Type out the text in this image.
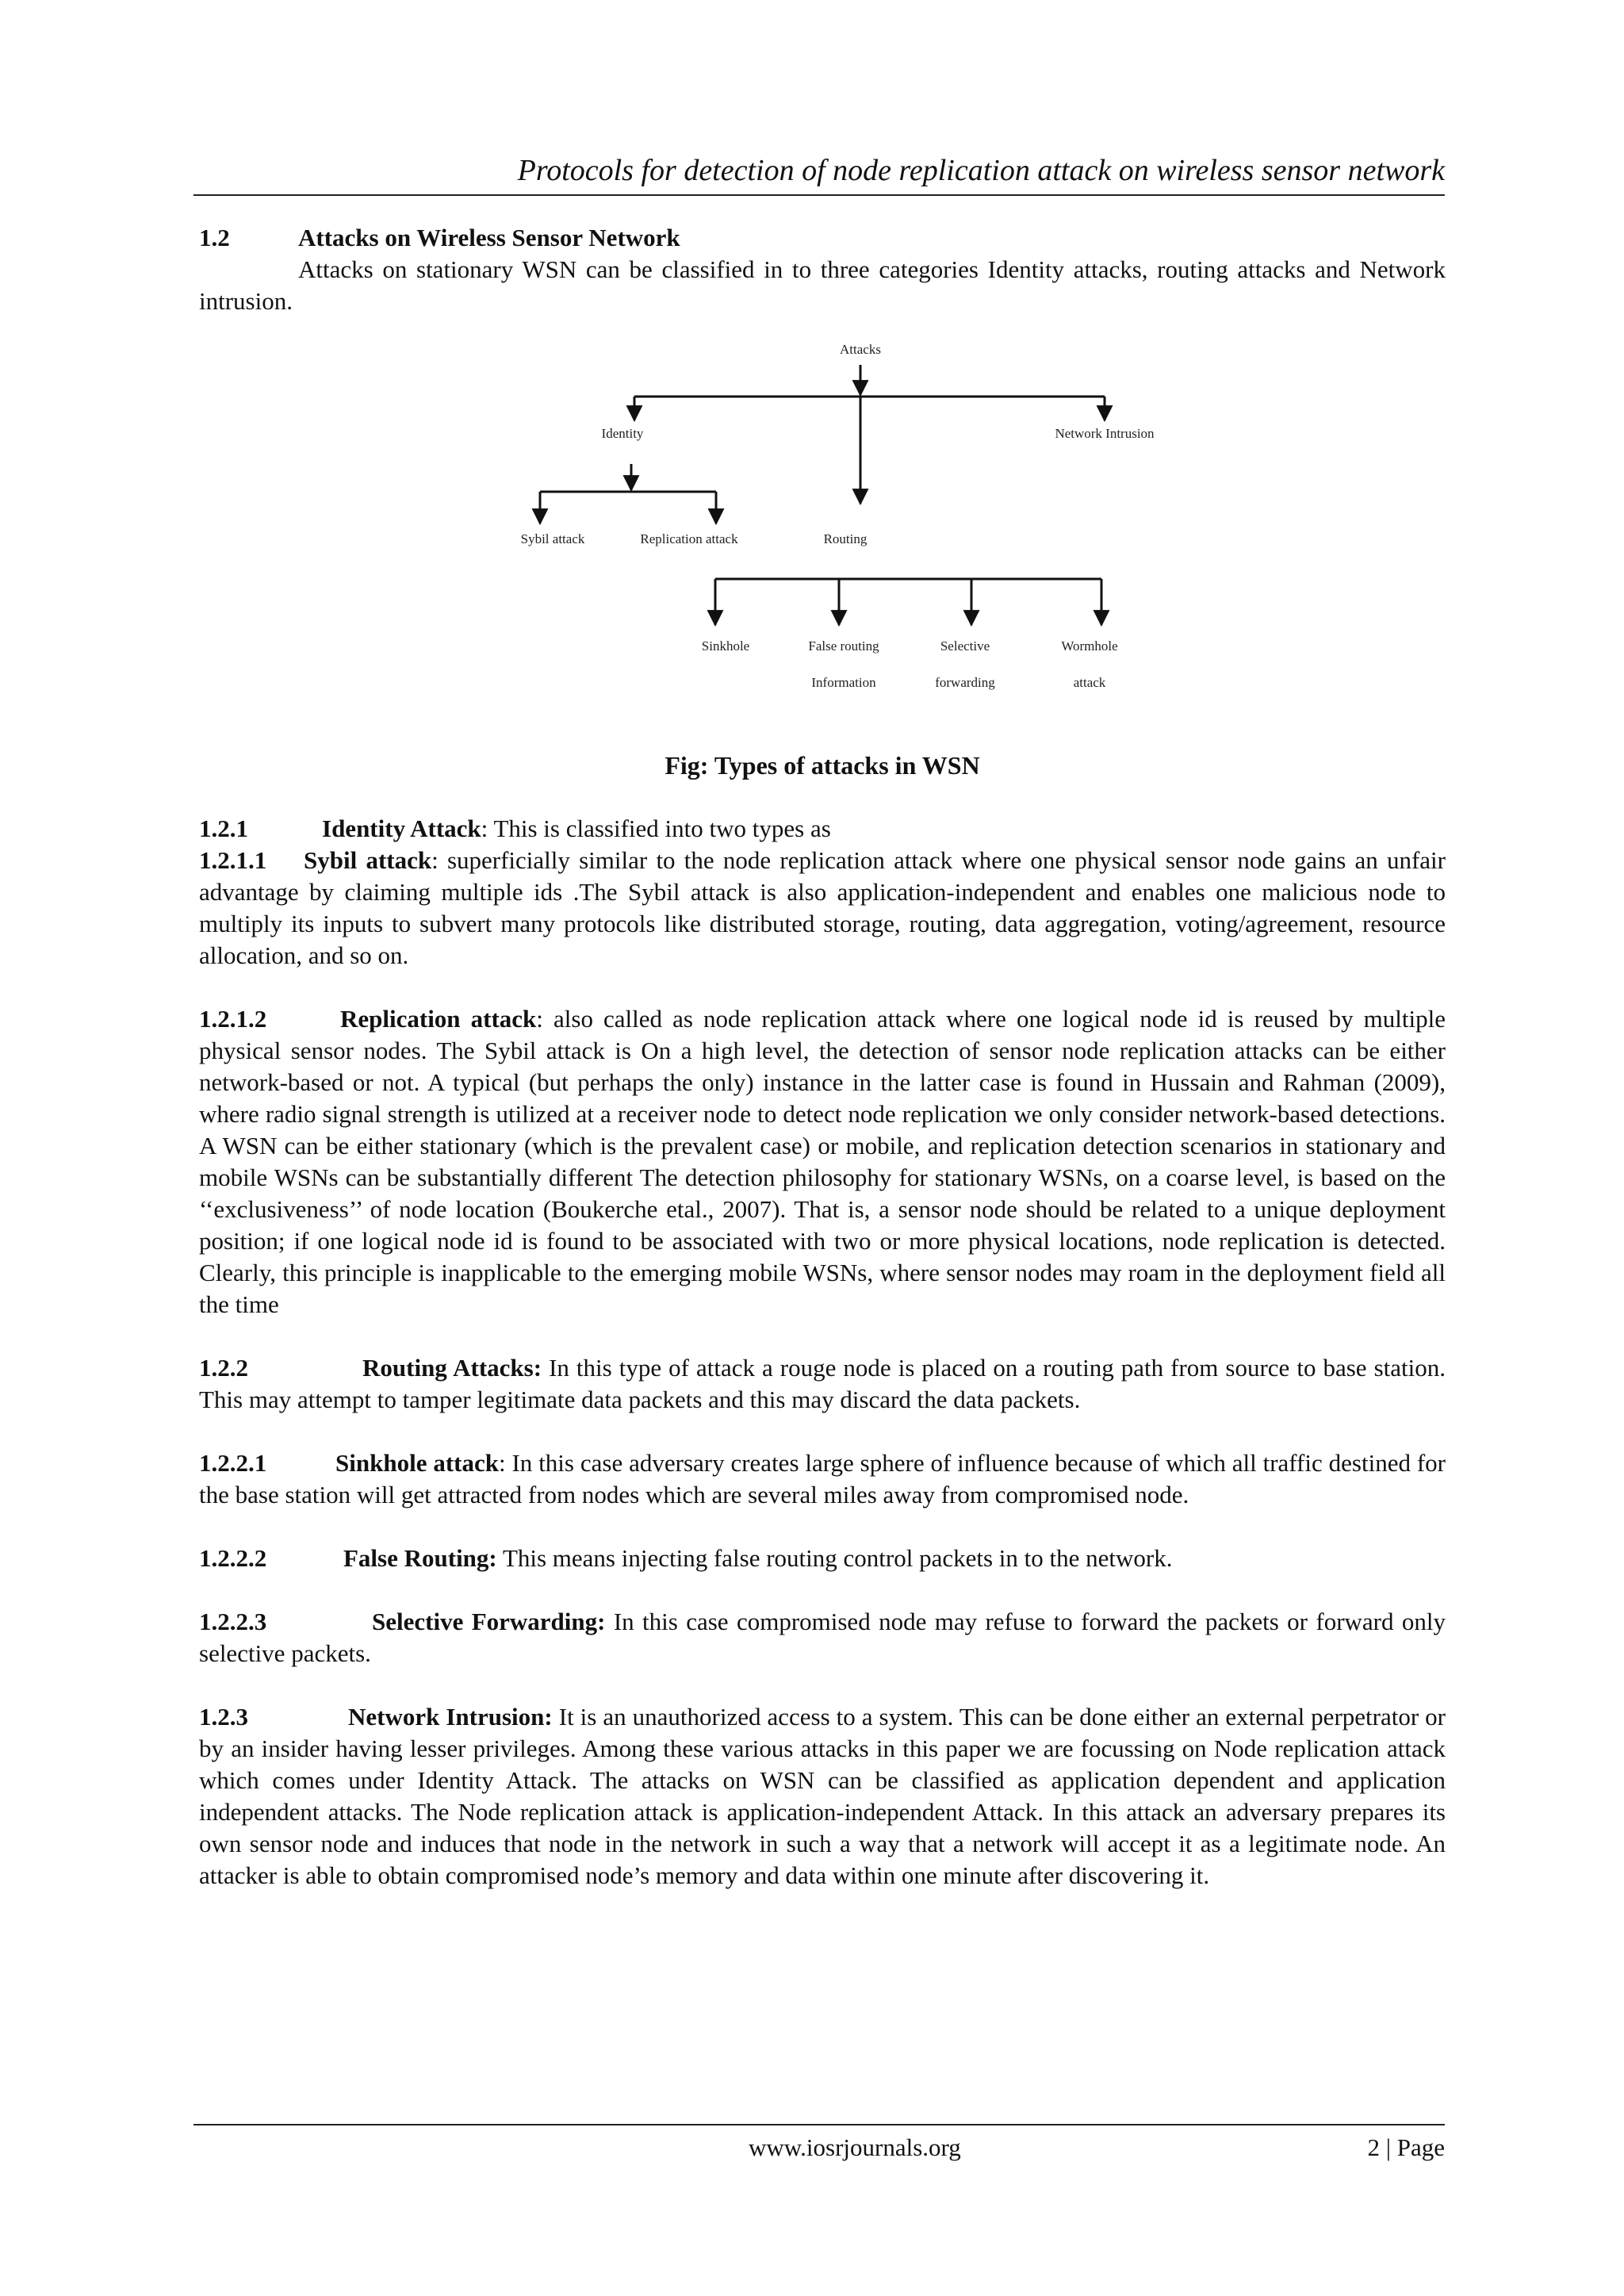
Protocols for detection of node replication attack on wireless sensor network

1.2	Attacks on Wireless Sensor Network

Attacks on stationary WSN can be classified in to three categories Identity attacks, routing attacks and Network intrusion.

Attacks
Identity	Network Intrusion
Sybil attack	Replication attack	Routing
Sinkhole	False routing
Information
Selective
forwarding
Wormhole
attack

Fig: Types of attacks in WSN

1.2.1	Identity Attack: This is classified into two types as

1.2.1.1 Sybil attack: superficially similar to the node replication attack where one physical sensor node gains an unfair advantage by claiming multiple ids .The Sybil attack is also application-independent and enables one malicious node to multiply its inputs to subvert many protocols like distributed storage, routing, data aggregation, voting/agreement, resource allocation, and so on.

1.2.1.2	Replication attack: also called as node replication attack where one logical node id is reused by multiple physical sensor nodes. The Sybil attack is On a high level, the detection of sensor node replication attacks can be either network-based or not. A typical (but perhaps the only) instance in the latter case is found in Hussain and Rahman (2009), where radio signal strength is utilized at a receiver node to detect node replication we only consider network-based detections. A WSN can be either stationary (which is the prevalent case) or mobile, and replication detection scenarios in stationary and mobile WSNs can be substantially different The detection philosophy for stationary WSNs, on a coarse level, is based on the ‘‘exclusiveness’’ of node location (Boukerche etal., 2007). That is, a sensor node should be related to a unique deployment position; if one logical node id is found to be associated with two or more physical locations, node replication is detected. Clearly, this principle is inapplicable to the emerging mobile WSNs, where sensor nodes may roam in the deployment field all the time

1.2.2	Routing Attacks: In this type of attack a rouge node is placed on a routing path from source to base station. This may attempt to tamper legitimate data packets and this may discard the data packets.

1.2.2.1	Sinkhole attack: In this case adversary creates large sphere of influence because of which all traffic destined for the base station will get attracted from nodes which are several miles away from compromised node.

1.2.2.2	False Routing: This means injecting false routing control packets in to the network.

1.2.2.3	Selective Forwarding: In this case compromised node may refuse to forward the packets or forward only selective packets.

1.2.3	Network Intrusion: It is an unauthorized access to a system. This can be done either an external perpetrator or by an insider having lesser privileges. Among these various attacks in this paper we are focussing on Node replication attack which comes under Identity Attack. The attacks on WSN can be classified as application dependent and application independent attacks. The Node replication attack is application-independent Attack. In this attack an adversary prepares its own sensor node and induces that node in the network in such a way that a network will accept it as a legitimate node. An attacker is able to obtain compromised node’s memory and data within one minute after discovering it.

www.iosrjournals.org	2 | Page
